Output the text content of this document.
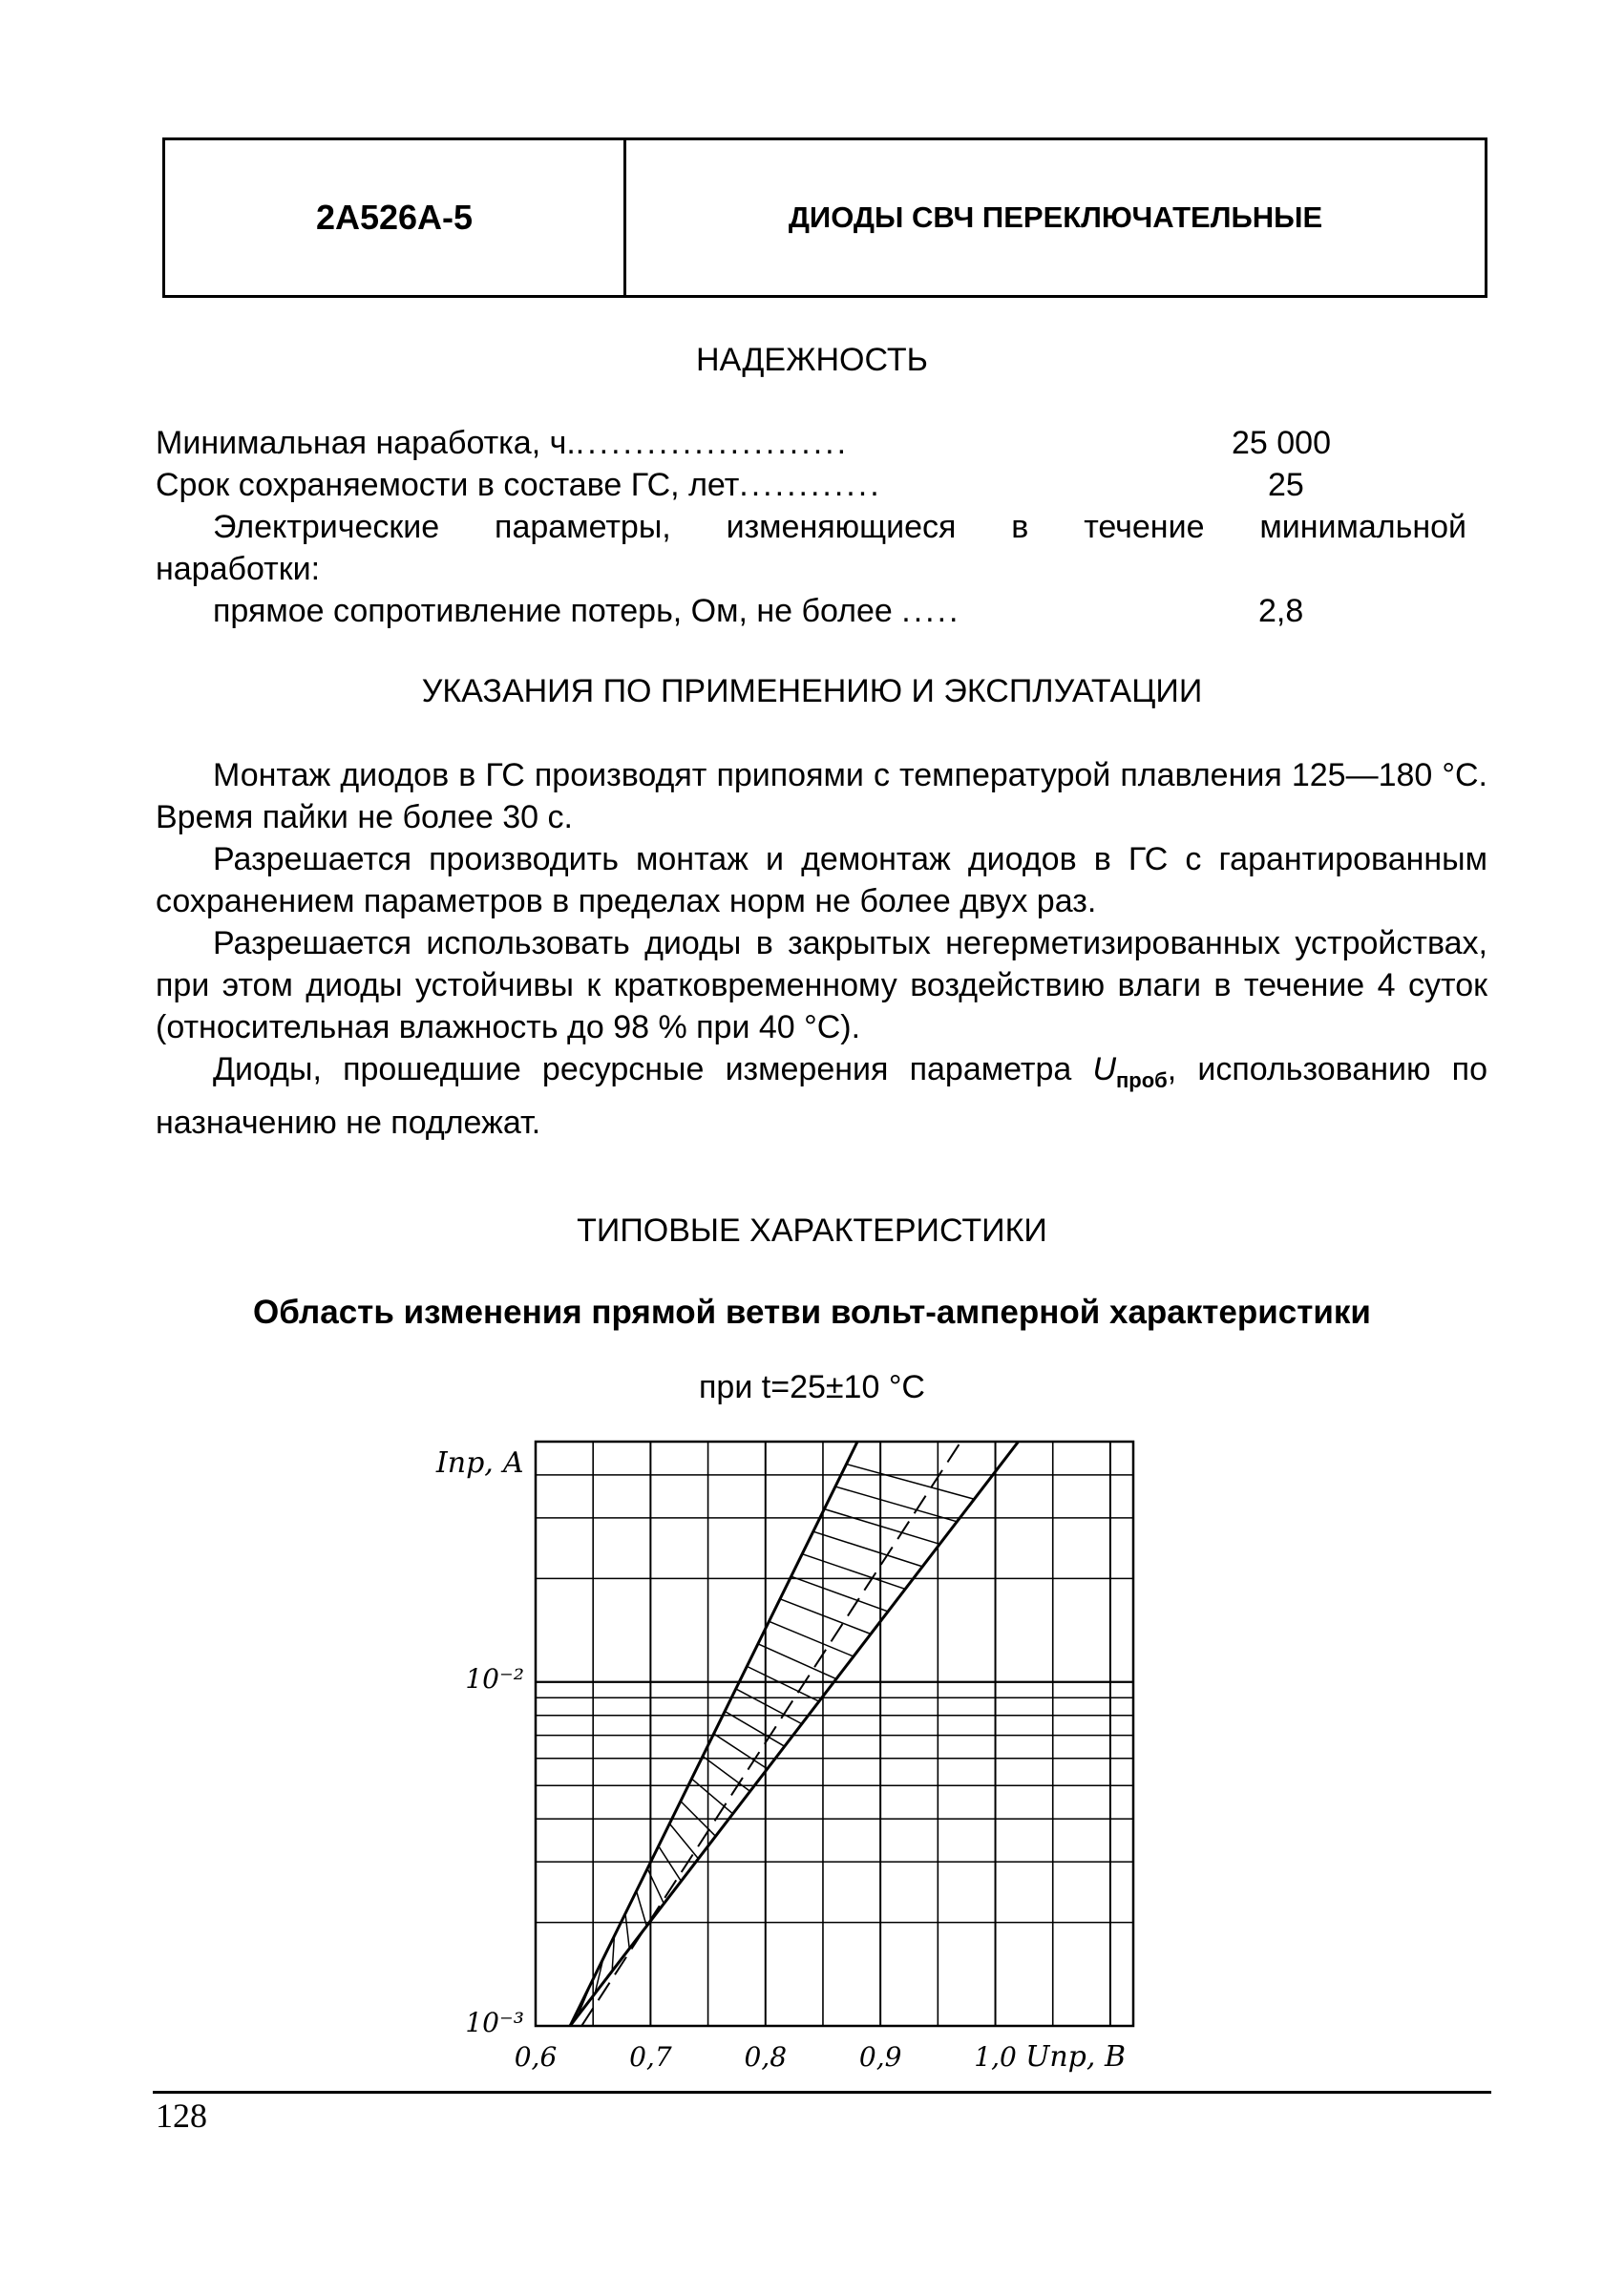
2А526А-5	ДИОДЫ СВЧ ПЕРЕКЛЮЧАТЕЛЬНЫЕ
НАДЕЖНОСТЬ
Минимальная наработка, ч........................	25 000
Срок сохраняемости в составе ГС, лет............	25
Электрические параметры, изменяющиеся в течение минимальной
наработки:
прямое сопротивление потерь, Ом, не более .....	2,8
УКАЗАНИЯ ПО ПРИМЕНЕНИЮ И ЭКСПЛУАТАЦИИ

Монтаж диодов в ГС производят припоями с температурой плавления 125—180 °С. Время пайки не более 30 с.

Разрешается производить монтаж и демонтаж диодов в ГС с гарантированным сохранением параметров в пределах норм не более двух раз.

Разрешается использовать диоды в закрытых негерметизированных устройствах, при этом диоды устойчивы к кратковременному воздействию влаги в течение 4 суток (относительная влажность до 98 % при 40 °С).

Диоды, прошедшие ресурсные измерения параметра $U_{проб}$, использованию по назначению не подлежат.

ТИПОВЫЕ ХАРАКТЕРИСТИКИ
Область изменения прямой ветви вольт-амперной характеристики
при t=25±10 °С
0,6	0,7	0,8	0,9	1,0
10⁻³
10⁻²
Iпр, А
Uпр, В
128
